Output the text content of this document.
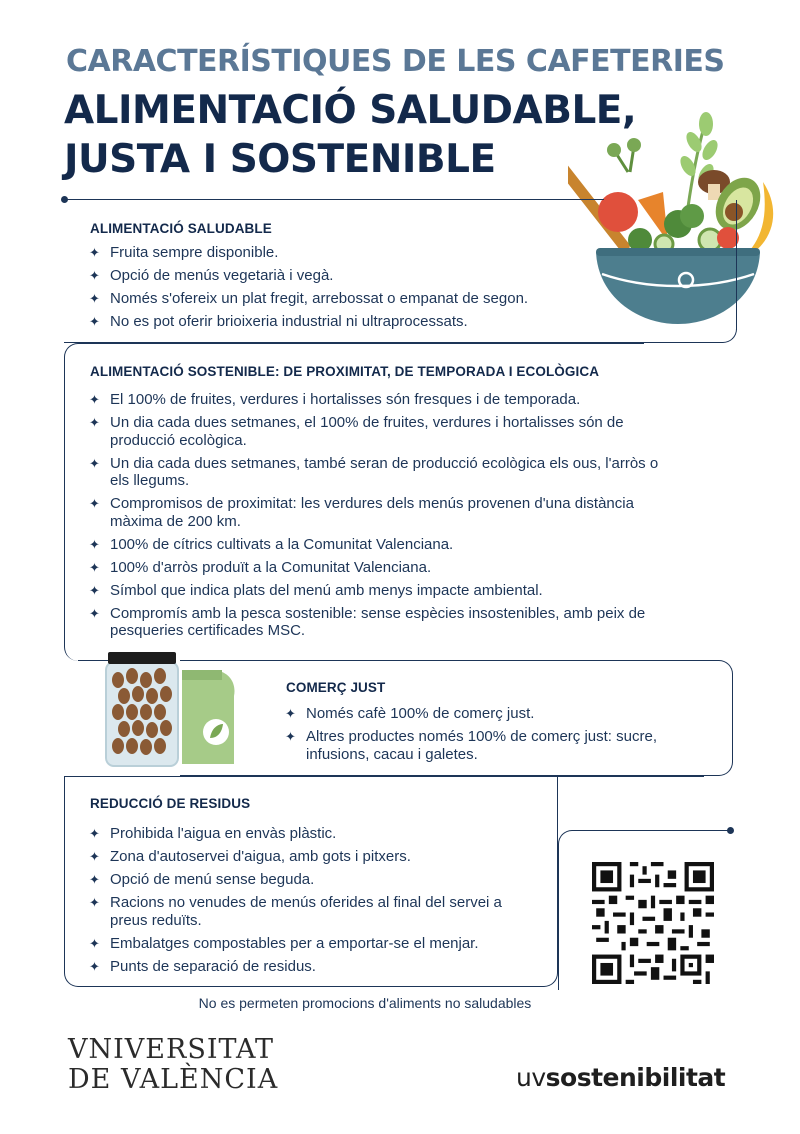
CARACTERÍSTIQUES DE LES CAFETERIES
ALIMENTACIÓ SALUDABLE,
JUSTA I SOSTENIBLE
ALIMENTACIÓ SALUDABLE
✦ Fruita sempre disponible.
✦ Opció de menús vegetarià i vegà.
✦ Només s'ofereix un plat fregit, arrebossat o empanat de segon.
✦ No es pot oferir brioixeria industrial ni ultraprocessats.
ALIMENTACIÓ SOSTENIBLE: DE PROXIMITAT, DE TEMPORADA I ECOLÒGICA
✦ El 100% de fruites, verdures i hortalisses són fresques i de temporada.
✦ Un dia cada dues setmanes, el 100% de fruites, verdures i hortalisses són de producció ecològica.
✦ Un dia cada dues setmanes, també seran de producció ecològica els ous, l'arròs o els llegums.
✦ Compromisos de proximitat: les verdures dels menús provenen d'una distància màxima de 200 km.
✦ 100% de cítrics cultivats a la Comunitat Valenciana.
✦ 100% d'arròs produït a la Comunitat Valenciana.
✦ Símbol que indica plats del menú amb menys impacte ambiental.
✦ Compromís amb la pesca sostenible: sense espècies insostenibles, amb peix de pesqueries certificades MSC.
COMERÇ JUST
✦ Només cafè 100% de comerç just.
✦ Altres productes només 100% de comerç just: sucre, infusions, cacau i galetes.
REDUCCIÓ DE RESIDUS
✦ Prohibida l'aigua en envàs plàstic.
✦ Zona d'autoservei d'aigua, amb gots i pitxers.
✦ Opció de menú sense beguda.
✦ Racions no venudes de menús oferides al final del servei a preus reduïts.
✦ Embalatges compostables per a emportar-se el menjar.
✦ Punts de separació de residus.
No es permeten promocions d'aliments no saludables
VNIVERSITAT
DE VALÈNCIA	uvsostenibilitat
